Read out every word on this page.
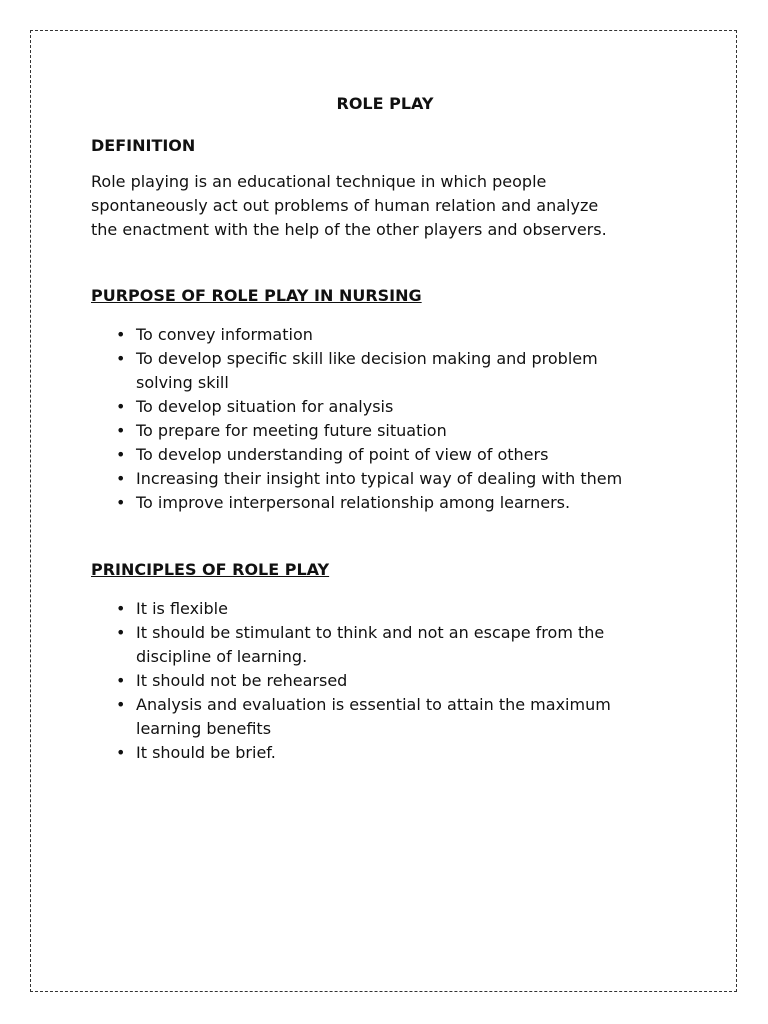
ROLE PLAY

DEFINITION

Role playing is an educational technique in which people
spontaneously act out problems of human relation and analyze
the enactment with the help of the other players and observers.

PURPOSE OF ROLE PLAY IN NURSING

• To convey information
• To develop specific skill like decision making and problem
solving skill
• To develop situation for analysis
• To prepare for meeting future situation
• To develop understanding of point of view of others
• Increasing their insight into typical way of dealing with them
• To improve interpersonal relationship among learners.

PRINCIPLES OF ROLE PLAY

• It is flexible
• It should be stimulant to think and not an escape from the
discipline of learning.
• It should not be rehearsed
• Analysis and evaluation is essential to attain the maximum
learning benefits
• It should be brief.
